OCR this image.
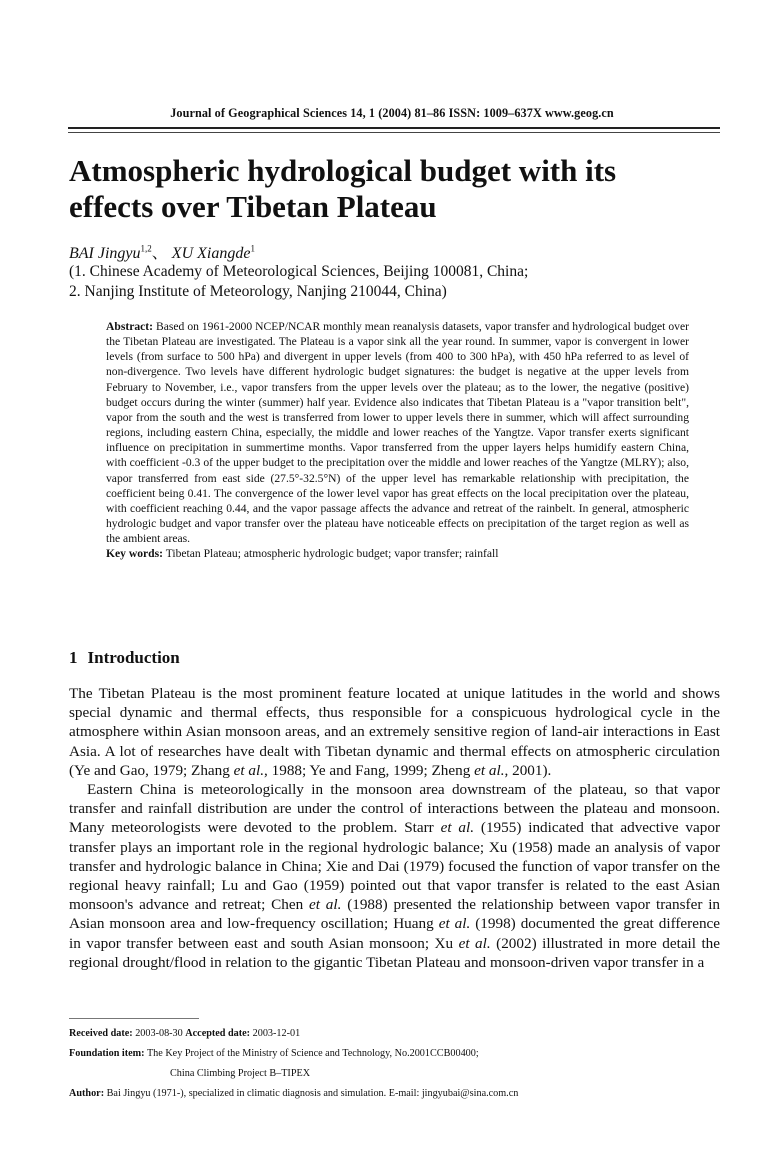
Journal of Geographical Sciences 14, 1 (2004) 81–86 ISSN: 1009–637X www.geog.cn
Atmospheric hydrological budget with its
effects over Tibetan Plateau
BAI Jingyu$^{1,2}$、 XU Xiangde$^1$
(1. Chinese Academy of Meteorological Sciences, Beijing 100081, China;
2. Nanjing Institute of Meteorology, Nanjing 210044, China)
Abstract: Based on 1961-2000 NCEP/NCAR monthly mean reanalysis datasets, vapor transfer and hydrological budget over the Tibetan Plateau are investigated. The Plateau is a vapor sink all the year round. In summer, vapor is convergent in lower levels (from surface to 500 hPa) and divergent in upper levels (from 400 to 300 hPa), with 450 hPa referred to as level of non-divergence. Two levels have different hydrologic budget signatures: the budget is negative at the upper levels from February to November, i.e., vapor transfers from the upper levels over the plateau; as to the lower, the negative (positive) budget occurs during the winter (summer) half year. Evidence also indicates that Tibetan Plateau is a "vapor transition belt", vapor from the south and the west is transferred from lower to upper levels there in summer, which will affect surrounding regions, including eastern China, especially, the middle and lower reaches of the Yangtze. Vapor transfer exerts significant influence on precipitation in summertime months. Vapor transferred from the upper layers helps humidify eastern China, with coefficient -0.3 of the upper budget to the precipitation over the middle and lower reaches of the Yangtze (MLRY); also, vapor transferred from east side (27.5°-32.5°N) of the upper level has remarkable relationship with precipitation, the coefficient being 0.41. The convergence of the lower level vapor has great effects on the local precipitation over the plateau, with coefficient reaching 0.44, and the vapor passage affects the advance and retreat of the rainbelt. In general, atmospheric hydrologic budget and vapor transfer over the plateau have noticeable effects on precipitation of the target region as well as the ambient areas.
Key words: Tibetan Plateau; atmospheric hydrologic budget; vapor transfer; rainfall
1 Introduction

The Tibetan Plateau is the most prominent feature located at unique latitudes in the world and shows special dynamic and thermal effects, thus responsible for a conspicuous hydrological cycle in the atmosphere within Asian monsoon areas, and an extremely sensitive region of land-air interactions in East Asia. A lot of researches have dealt with Tibetan dynamic and thermal effects on atmospheric circulation (Ye and Gao, 1979; Zhang et al., 1988; Ye and Fang, 1999; Zheng et al., 2001).

Eastern China is meteorologically in the monsoon area downstream of the plateau, so that vapor transfer and rainfall distribution are under the control of interactions between the plateau and monsoon. Many meteorologists were devoted to the problem. Starr et al. (1955) indicated that advective vapor transfer plays an important role in the regional hydrologic balance; Xu (1958) made an analysis of vapor transfer and hydrologic balance in China; Xie and Dai (1979) focused the function of vapor transfer on the regional heavy rainfall; Lu and Gao (1959) pointed out that vapor transfer is related to the east Asian monsoon's advance and retreat; Chen et al. (1988) presented the relationship between vapor transfer in Asian monsoon area and low-frequency oscillation; Huang et al. (1998) documented the great difference in vapor transfer between east and south Asian monsoon; Xu et al. (2002) illustrated in more detail the regional drought/flood in relation to the gigantic Tibetan Plateau and monsoon-driven vapor transfer in a

Received date: 2003-08-30 Accepted date: 2003-12-01
Foundation item: The Key Project of the Ministry of Science and Technology, No.2001CCB00400;
China Climbing Project B–TIPEX
Author: Bai Jingyu (1971-), specialized in climatic diagnosis and simulation. E-mail: jingyubai@sina.com.cn
